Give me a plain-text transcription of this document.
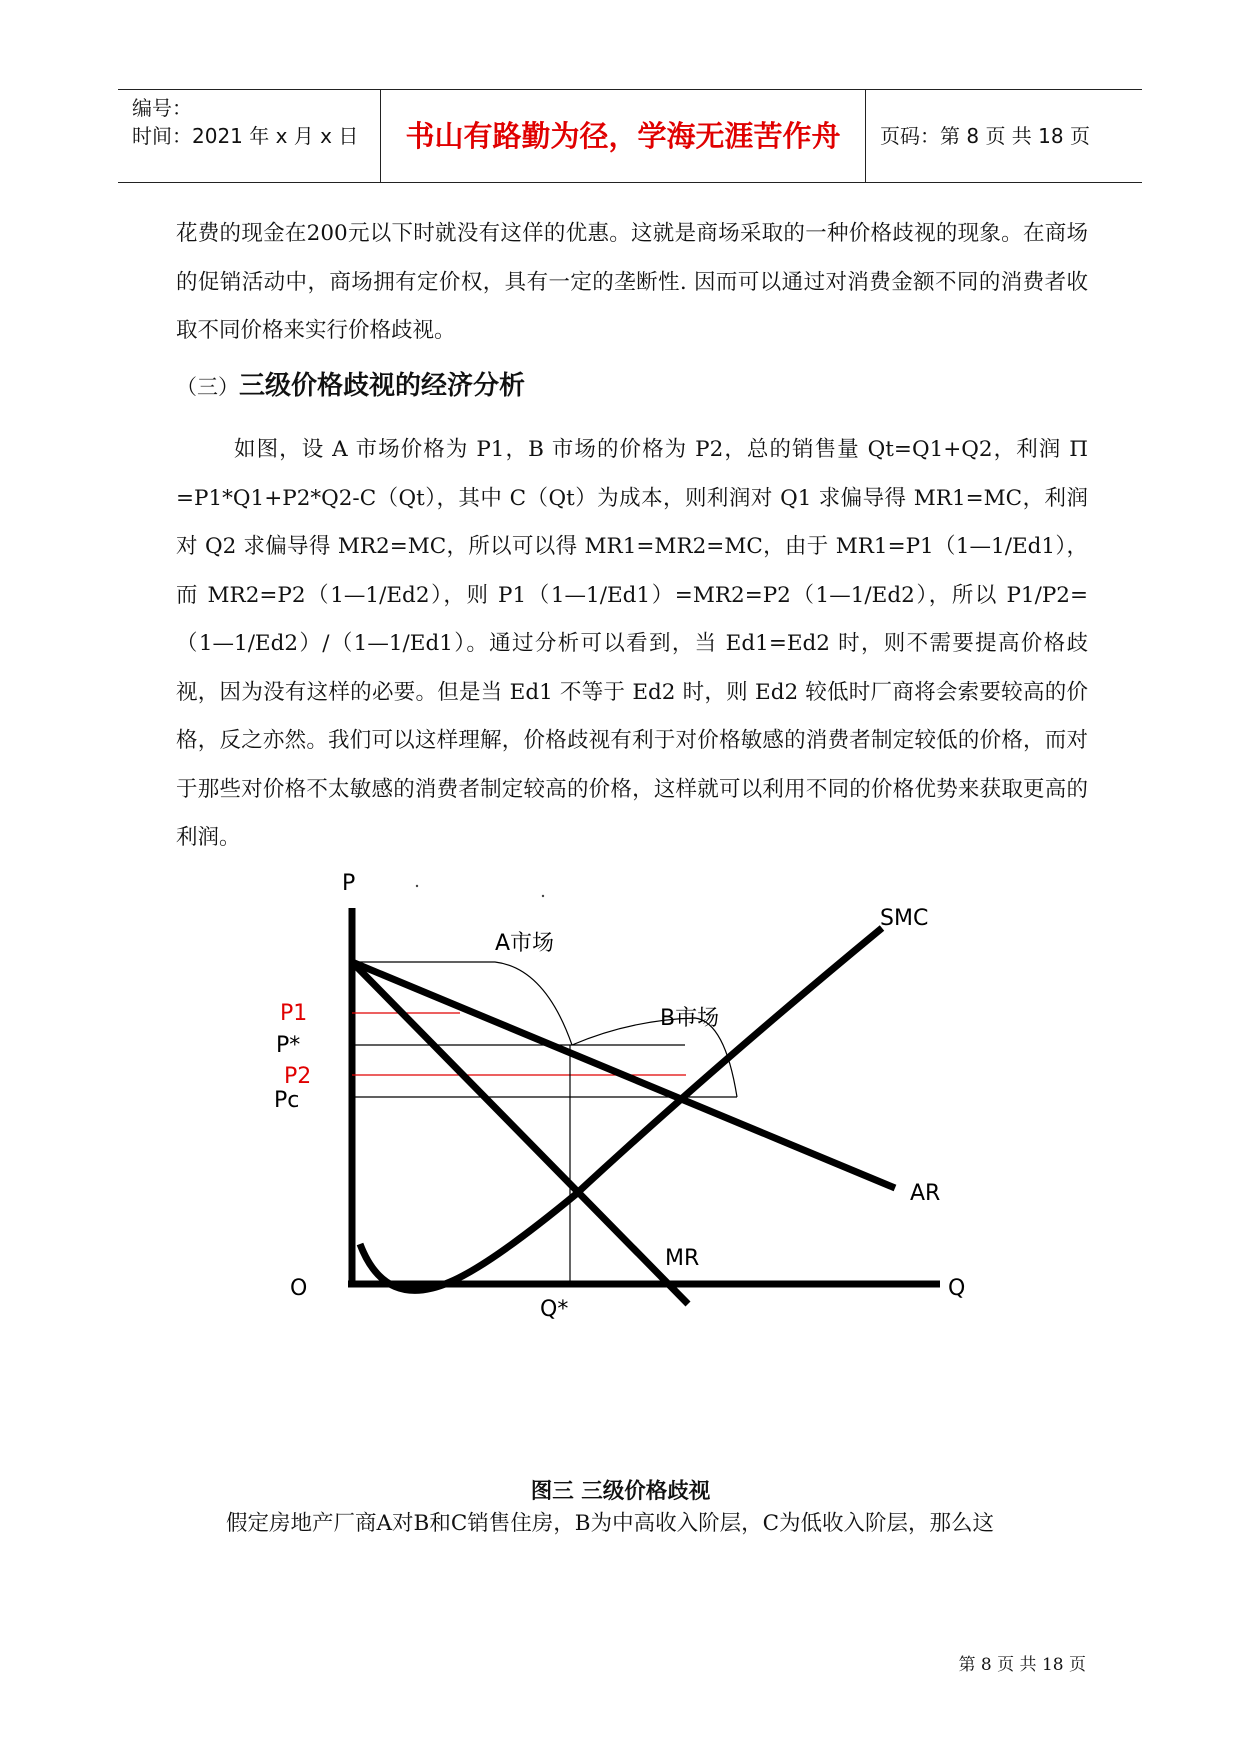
编号：
时间：2021 年 x 月 x 日	书山有路勤为径，学海无涯苦作舟	页码：第 8 页 共 18 页
花费的现金在200元以下时就没有这佯的优惠。这就是商场采取的一种价格歧视的现象。在商场的促销活动中，商场拥有定价权，具有一定的垄断性. 因而可以通过对消费金额不同的消费者收取不同价格来实行价格歧视。
（三）三级价格歧视的经济分析
如图，设 A 市场价格为 P1，B 市场的价格为 P2，总的销售量 Qt=Q1+Q2，利润 Π =P1*Q1+P2*Q2-C（Qt），其中 C（Qt）为成本，则利润对 Q1 求偏导得 MR1=MC，利润对 Q2 求偏导得 MR2=MC，所以可以得 MR1=MR2=MC，由于 MR1=P1（1—1/Ed1），而 MR2=P2（1—1/Ed2），则 P1（1—1/Ed1）=MR2=P2（1—1/Ed2），所以 P1/P2=（1—1/Ed2）/（1—1/Ed1）。通过分析可以看到，当 Ed1=Ed2 时，则不需要提高价格歧视，因为没有这样的必要。但是当 Ed1 不等于 Ed2 时，则 Ed2 较低时厂商将会索要较高的价格，反之亦然。我们可以这样理解，价格歧视有利于对价格敏感的消费者制定较低的价格，而对于那些对价格不太敏感的消费者制定较高的价格，这样就可以利用不同的价格优势来获取更高的利润。
P
Q
O
Q*
P1
P*
P2
Pc
A市场
B市场
SMC
AR
MR
图三 三级价格歧视
假定房地产厂商A对B和C销售住房，B为中高收入阶层，C为低收入阶层，那么这
第 8 页 共 18 页
